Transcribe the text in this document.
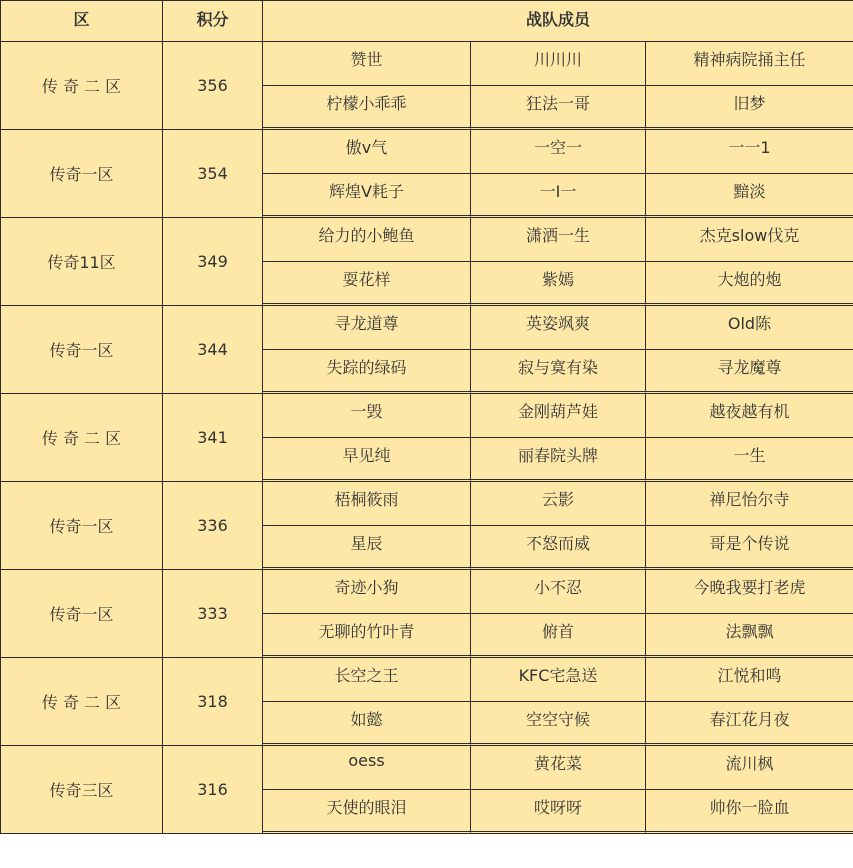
区	积分	战队成员		
传 奇 二 区	356	赞世	川川川	精神病院捅主任
		柠檬小乖乖	狂法一哥	旧梦
传奇一区	354	傲v气	一空一	一一1
		辉煌V耗子	一I一	黯淡
传奇11区	349	给力的小鲍鱼	潇洒一生	杰克slow伐克
		耍花样	紫嫣	大炮的炮
传奇一区	344	寻龙道尊	英姿飒爽	Old陈
		失踪的绿码	寂与寞有染	寻龙魔尊
传 奇 二 区	341	一毁	金刚葫芦娃	越夜越有机
		早见纯	丽春院头牌	一生
传奇一区	336	梧桐筱雨	云影	禅尼怡尔寺
		星辰	不怒而威	哥是个传说
传奇一区	333	奇迹小狗	小不忍	今晚我要打老虎
		无聊的竹叶青	俯首	法飘飘
传 奇 二 区	318	长空之王	KFC宅急送	江悦和鸣
		如懿	空空守候	春江花月夜
传奇三区	316	oess	黄花菜	流川枫
		天使的眼泪	哎呀呀	帅你一脸血
